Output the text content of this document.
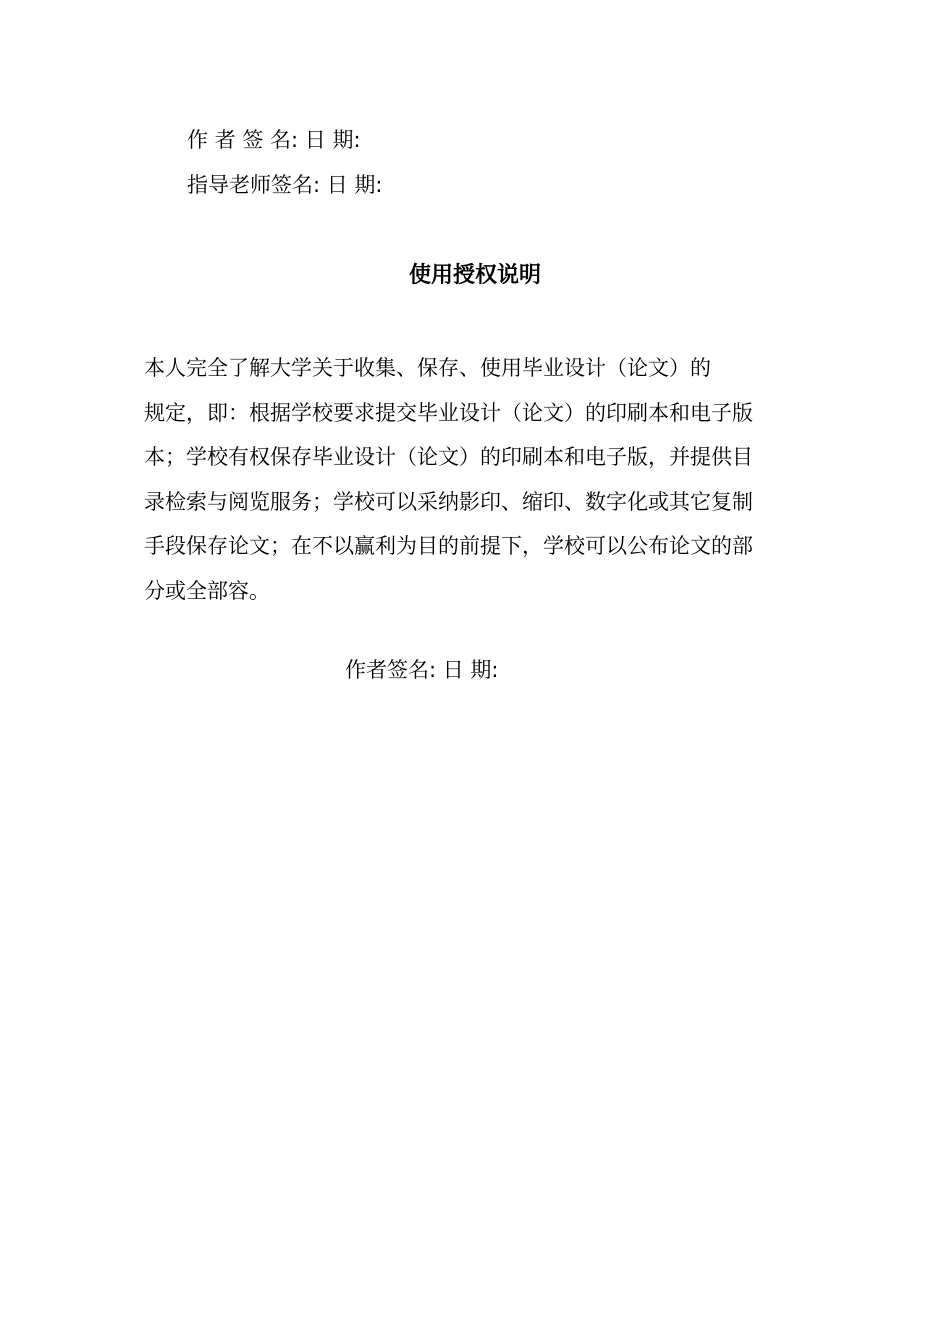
作 者 签 名: 日 期:
指导老师签名: 日 期:
使用授权说明
本人完全了解大学关于收集、保存、使用毕业设计（论文）的
规定，即：根据学校要求提交毕业设计（论文）的印刷本和电子版
本；学校有权保存毕业设计（论文）的印刷本和电子版，并提供目
录检索与阅览服务；学校可以采纳影印、缩印、数字化或其它复制
手段保存论文；在不以赢利为目的前提下，学校可以公布论文的部
分或全部容。
作者签名: 日 期:
